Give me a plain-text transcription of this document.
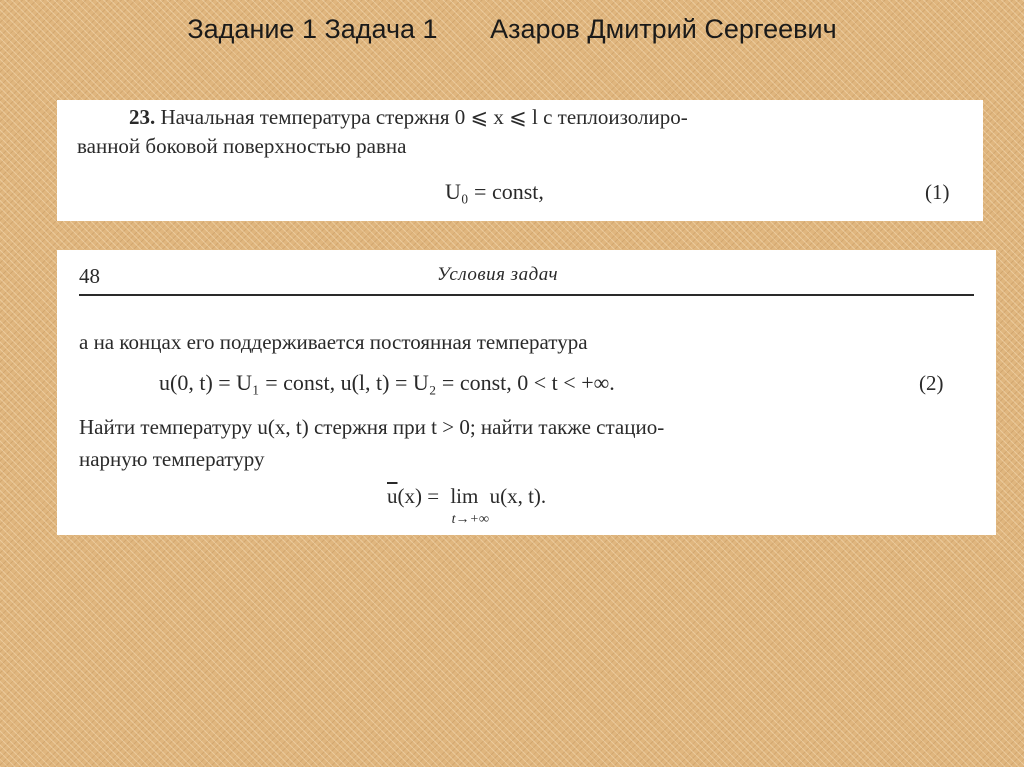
Задание 1 Задача 1       Азаров Дмитрий Сергеевич
23. Начальная температура стержня 0 ⩽ x ⩽ l с теплоизолиро-
ванной боковой поверхностью равна
U₀ = const,	(1)
48	Условия задач
а на концах его поддерживается постоянная температура
u(0, t) = U₁ = const, u(l, t) = U₂ = const, 0 < t < +∞.	(2)
Найти температуру u(x, t) стержня при t > 0; найти также стацио-
нарную температуру
$\overline{u}(x) = \lim$
t→+∞
u(x, t).
